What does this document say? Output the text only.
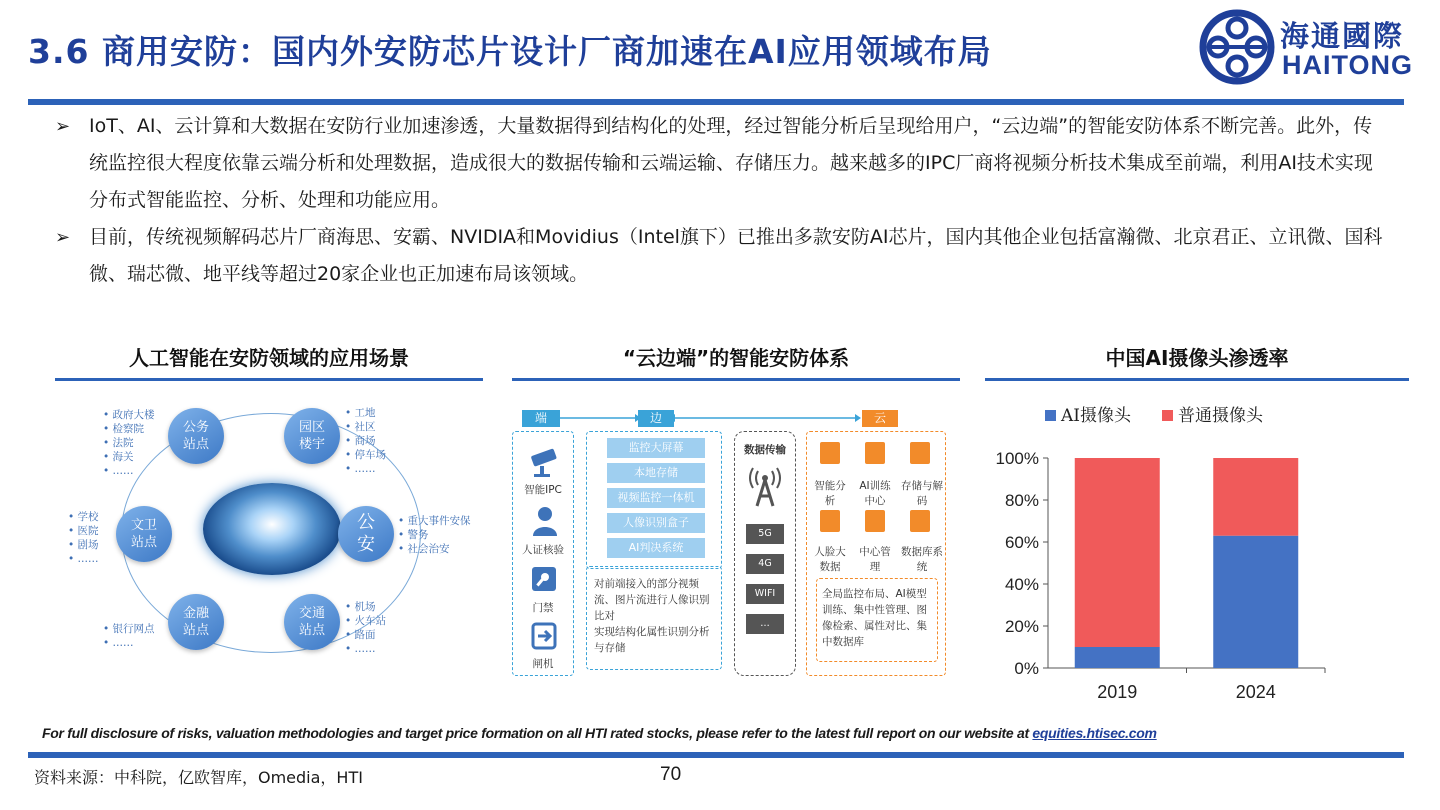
3.6 商用安防：国内外安防芯片设计厂商加速在AI应用领域布局	海通國際
HAITONG
➢ IoT、AI、云计算和大数据在安防行业加速渗透，大量数据得到结构化的处理，经过智能分析后呈现给用户，“云边端”的智能安防体系不断完善。此外，传统监控很大程度依靠云端分析和处理数据，造成很大的数据传输和云端运输、存储压力。越来越多的IPC厂商将视频分析技术集成至前端，利用AI技术实现分布式智能监控、分析、处理和功能应用。
➢ 目前，传统视频解码芯片厂商海思、安霸、NVIDIA和Movidius（Intel旗下）已推出多款安防AI芯片，国内其他企业包括富瀚微、北京君正、立讯微、国科微、瑞芯微、地平线等超过20家企业也正加速布局该领域。
人工智能在安防领域的应用场景	“云边端”的智能安防体系	中国AI摄像头渗透率
公务
站点
• 政府大楼
• 检察院
• 法院
• 海关
• ……
园区
楼宇
• 工地
• 社区
• 商场
• 停车场
• ……
文卫
站点
• 学校
• 医院
• 剧场
• ……
公
安
• 重大事件安保
• 警务
• 社会治安
金融
站点
• 银行网点
• ……
交通
站点
• 机场
• 火车站
• 路面
• ……
端	边	云
智能IPC
人证核验
门禁
闸机
监控大屏幕
本地存储
视频监控一体机
人像识别盒子
AI判决系统
对前端接入的部分视频流、图片流进行人像识别比对
实现结构化属性识别分析与存储
数据传输
5G
4G
WIFI
…
智能分析
AI训练中心
存储与解码
人脸大数据
中心管理
数据库系统
全局监控布局、AI模型训练、集中性管理、图像检索、属性对比、集中数据库
AI摄像头	普通摄像头
100%
80%
60%
40%
20%
0%
2019	2024
For full disclosure of risks, valuation methodologies and target price formation on all HTI rated stocks, please refer to the latest full report on our website at equities.htisec.com
资料来源：中科院，亿欧智库，Omedia，HTI	70
